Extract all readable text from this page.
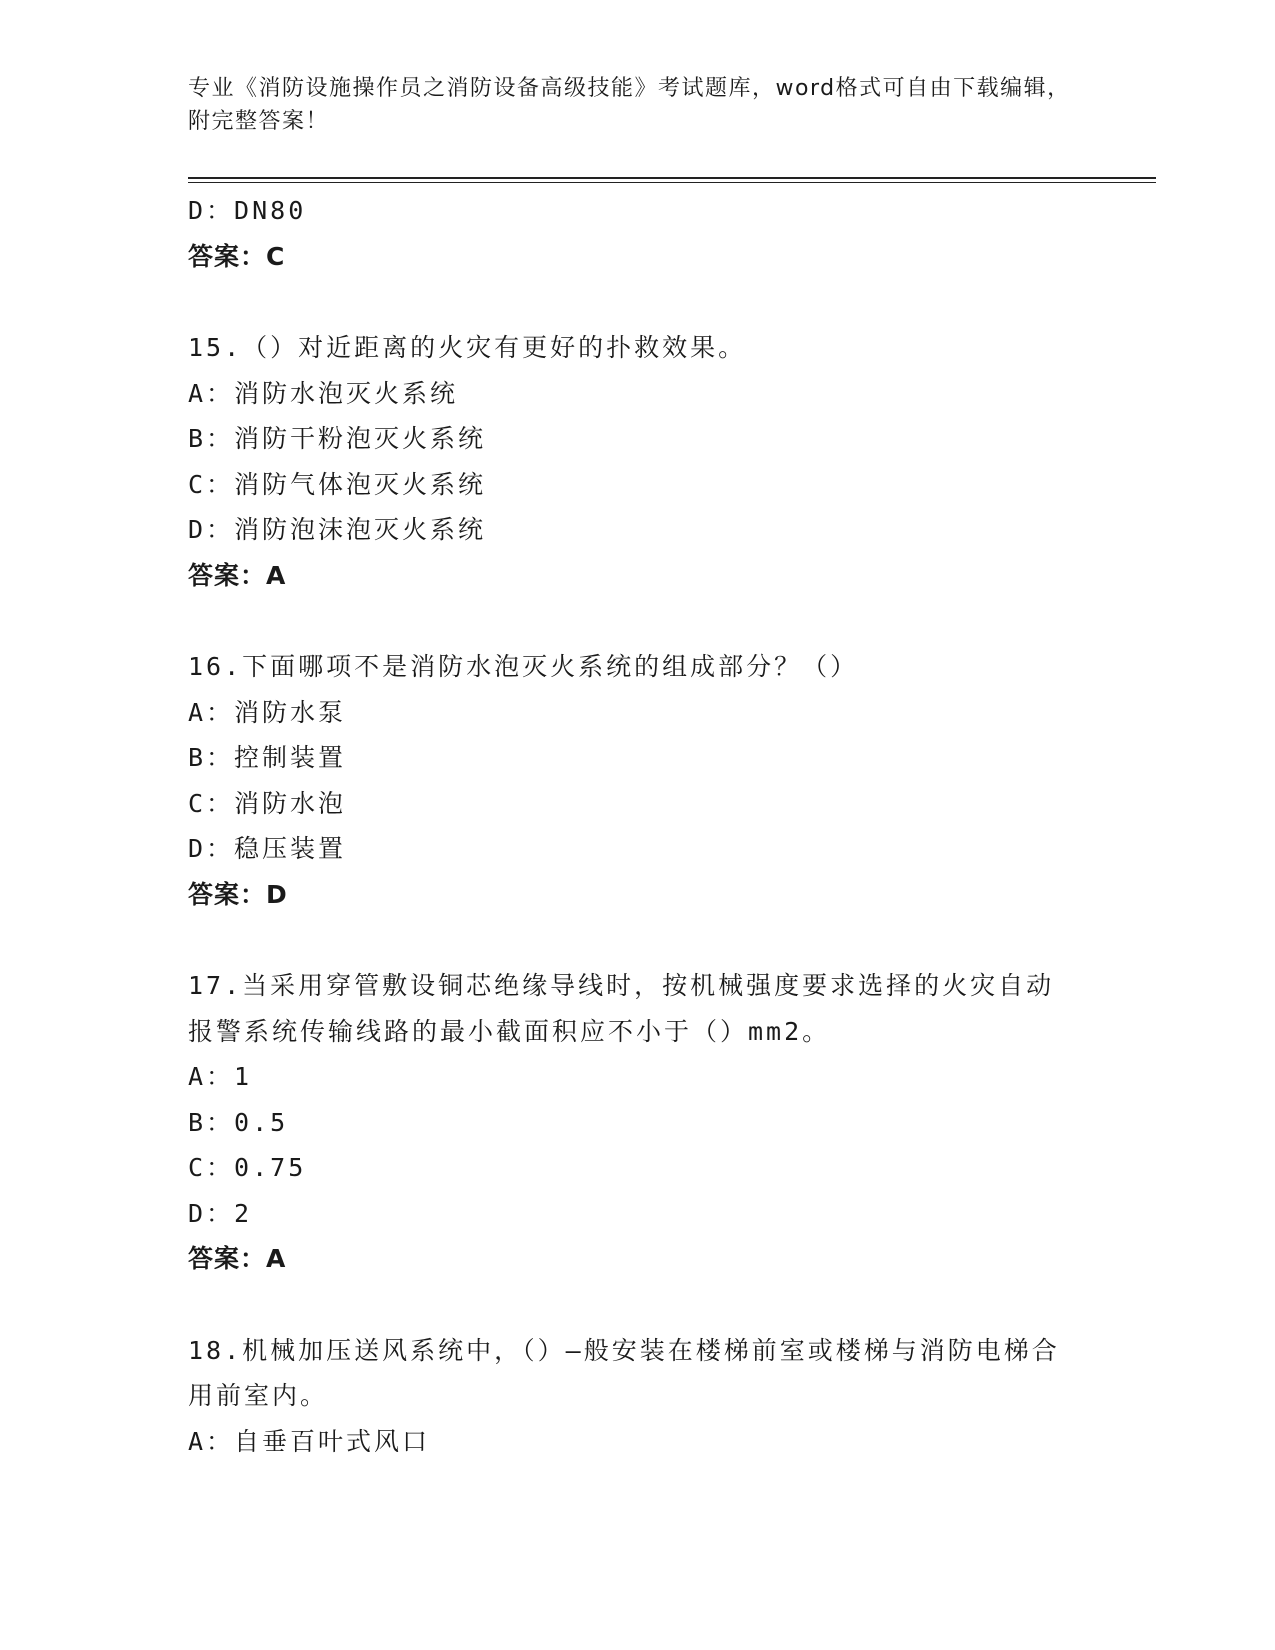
专业《消防设施操作员之消防设备高级技能》考试题库，word格式可自由下载编辑，附完整答案！
D：DN80
答案：C
15.（）对近距离的火灾有更好的扑救效果。
A：消防水泡灭火系统
B：消防干粉泡灭火系统
C：消防气体泡灭火系统
D：消防泡沫泡灭火系统
答案：A
16.下面哪项不是消防水泡灭火系统的组成部分？（）
A：消防水泵
B：控制装置
C：消防水泡
D：稳压装置
答案：D
17.当采用穿管敷设铜芯绝缘导线时，按机械强度要求选择的火灾自动报警系统传输线路的最小截面积应不小于（）mm2。
A：1
B：0.5
C：0.75
D：2
答案：A
18.机械加压送风系统中，（）—般安装在楼梯前室或楼梯与消防电梯合用前室内。
A：自垂百叶式风口
